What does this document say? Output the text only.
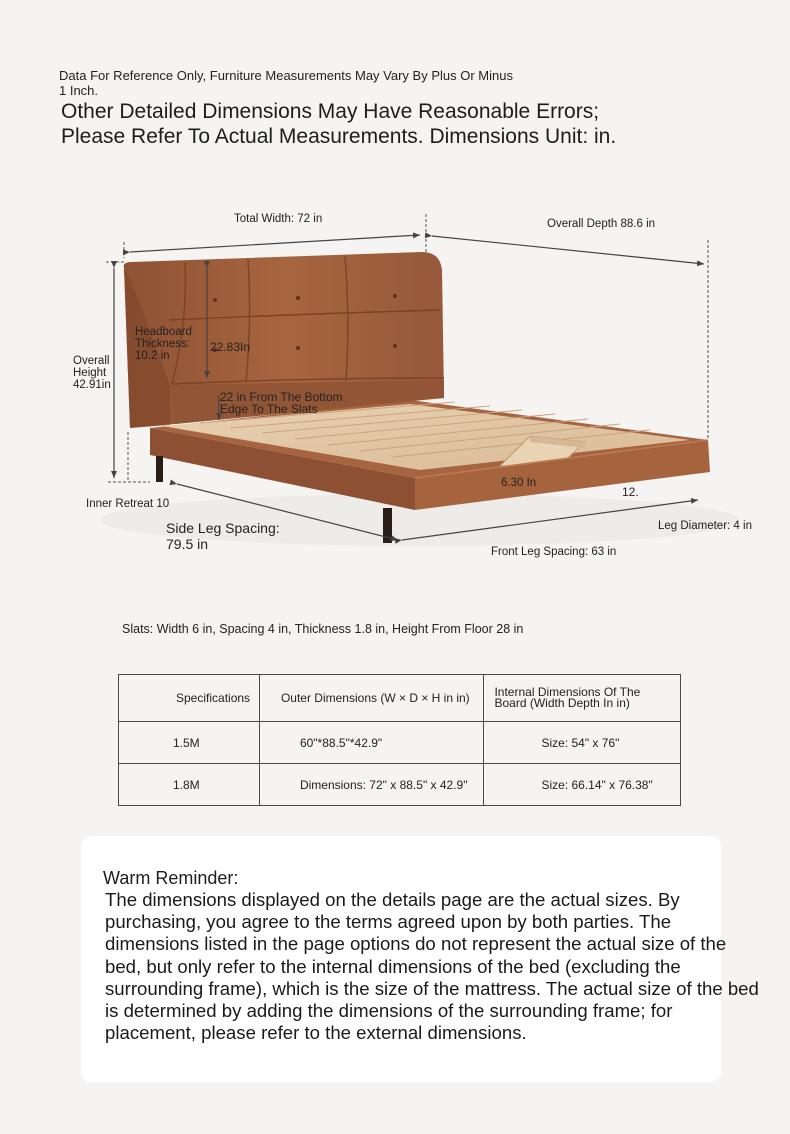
Data For Reference Only, Furniture Measurements May Vary By Plus Or Minus 1 Inch.
Other Detailed Dimensions May Have Reasonable Errors; Please Refer To Actual Measurements. Dimensions Unit: in.
Total Width: 72 in	Overall Depth 88.6 in
Headboard
Thickness:
10.2 in
22.83In
Overall
Height
42.91in
22 in From The Bottom
Edge To The Slats
6.30 In
12.
Inner Retreat 10
Side Leg Spacing:
79.5 in
Leg Diameter: 4 in
Front Leg Spacing: 63 in
Slats: Width 6 in, Spacing 4 in, Thickness 1.8 in, Height From Floor 28 in
Specifications	Outer Dimensions (W × D × H in in)	Internal Dimensions Of The Board (Width Depth In in)
1.5M	60"*88.5"*42.9"	Size: 54" x 76"
1.8M	Dimensions: 72" x 88.5" x 42.9"	Size: 66.14" x 76.38"
Warm Reminder:
The dimensions displayed on the details page are the actual sizes. By purchasing, you agree to the terms agreed upon by both parties. The dimensions listed in the page options do not represent the actual size of the bed, but only refer to the internal dimensions of the bed (excluding the surrounding frame), which is the size of the mattress. The actual size of the bed is determined by adding the dimensions of the surrounding frame; for placement, please refer to the external dimensions.
